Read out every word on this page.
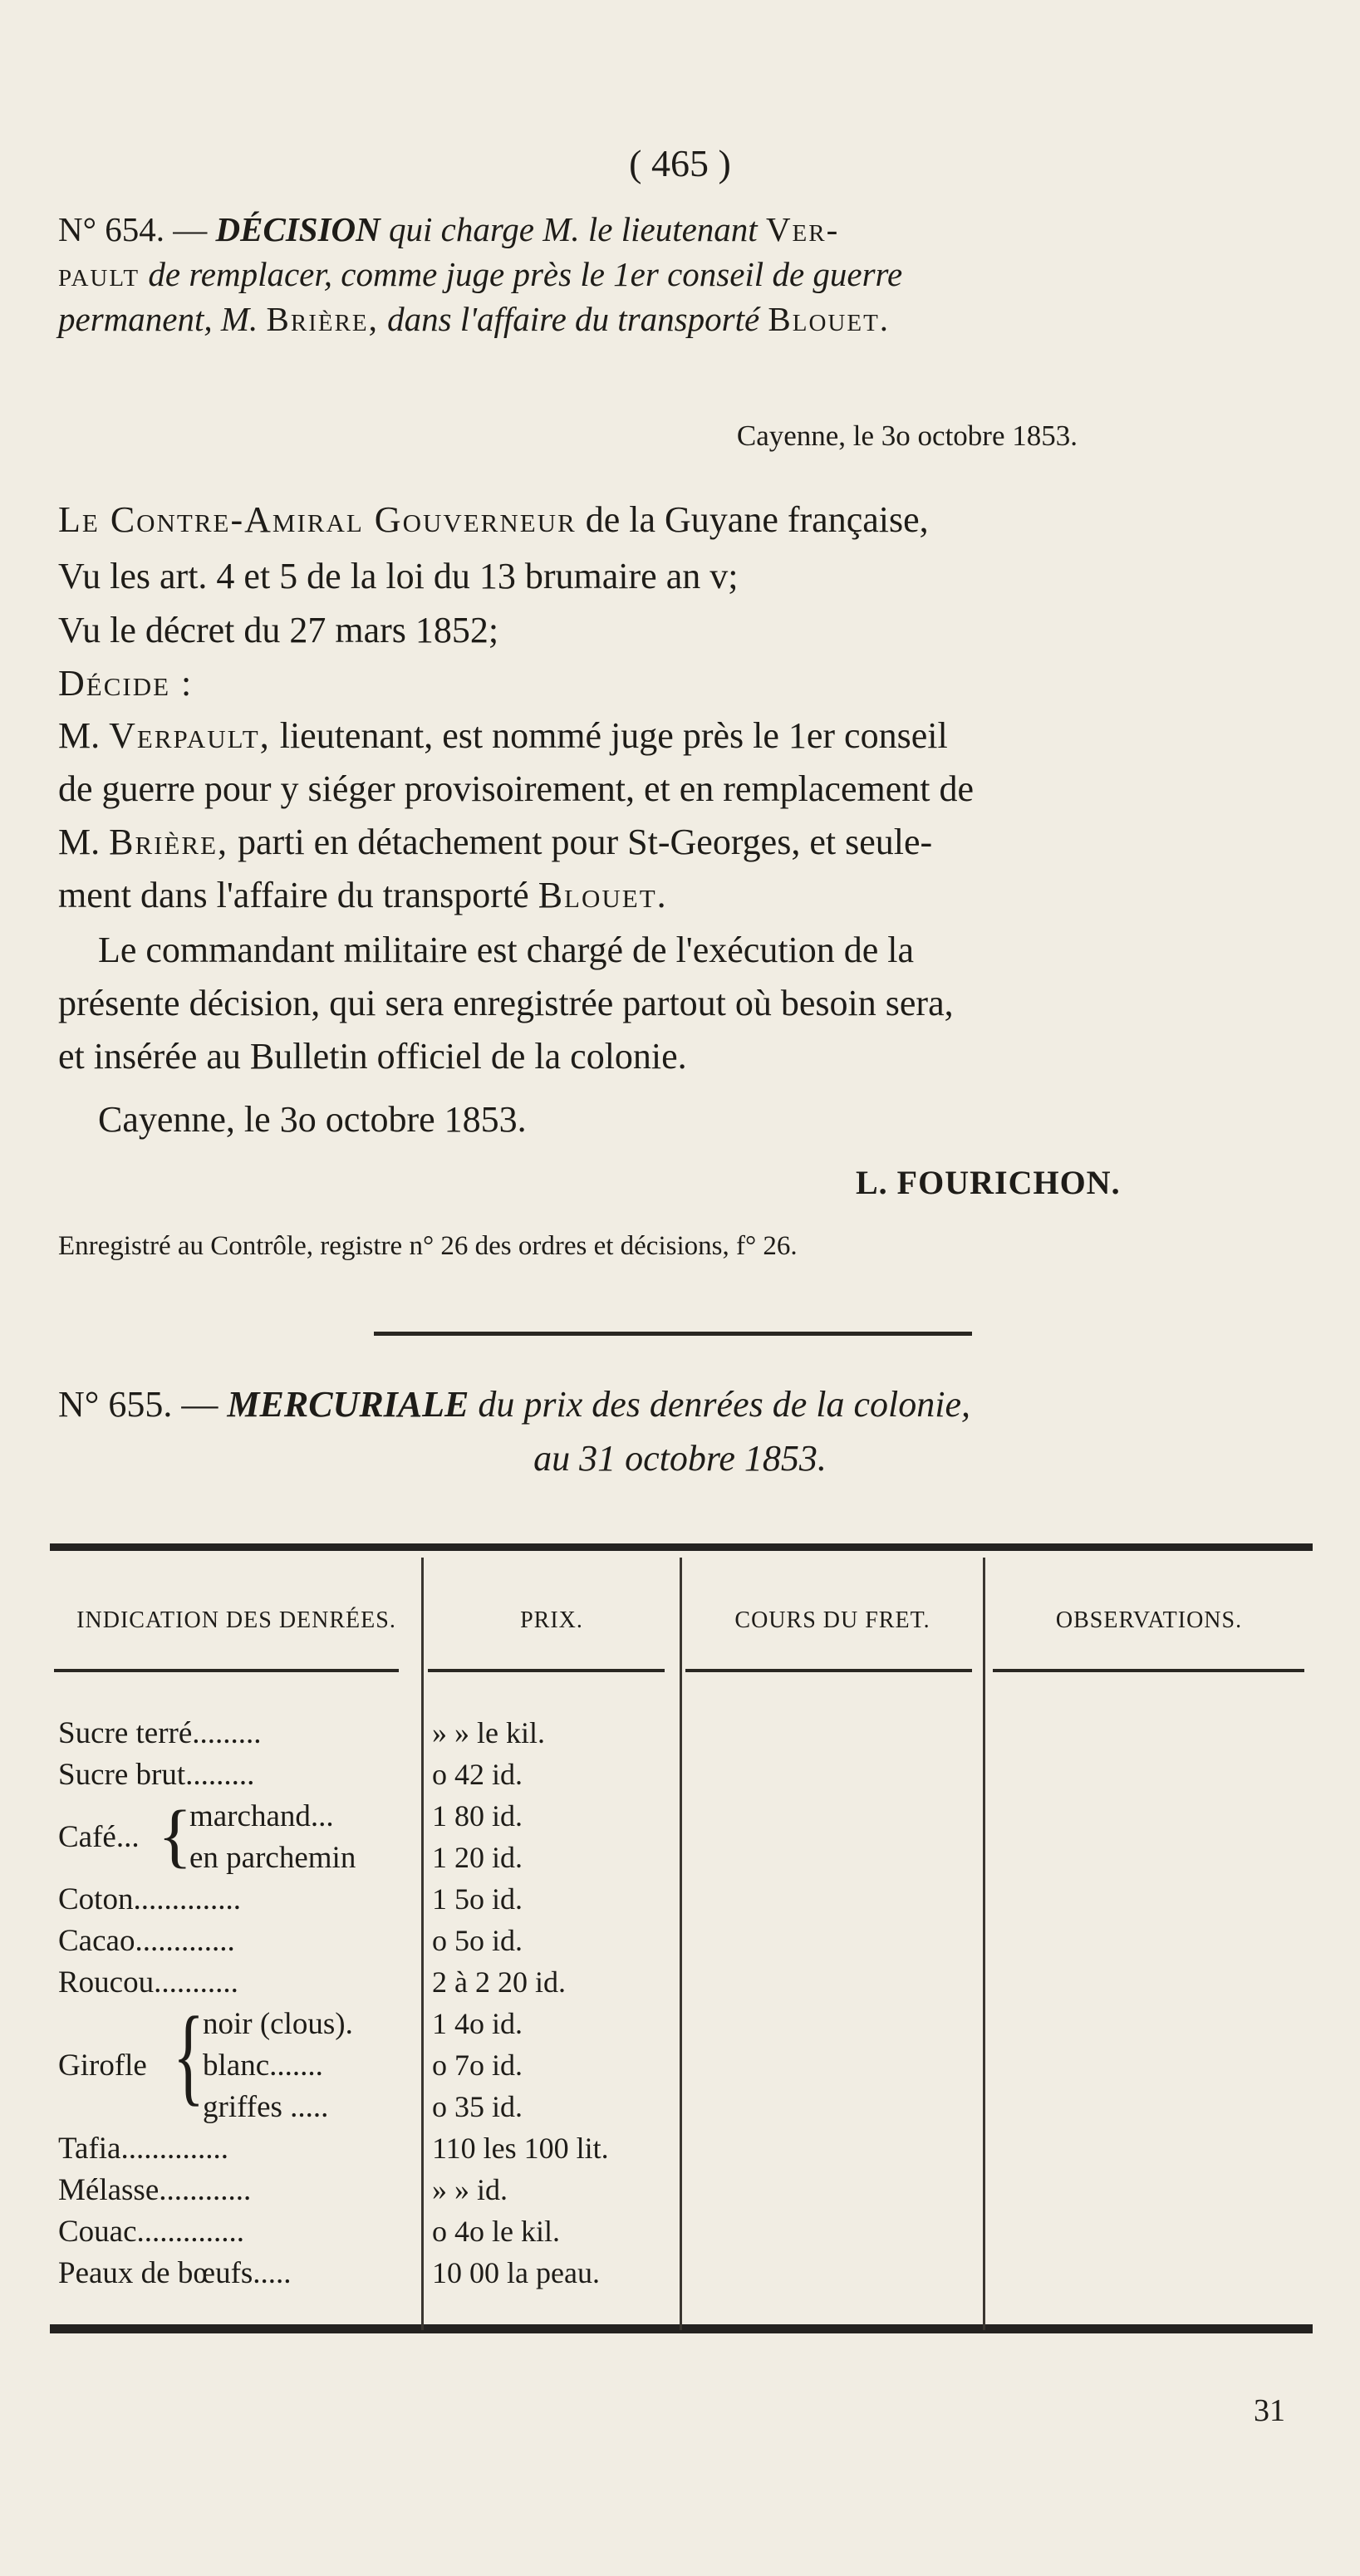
( 465 )
N° 654. — DÉCISION qui charge M. le lieutenant Ver-
pault de remplacer, comme juge près le 1er conseil de guerre
permanent, M. Brière, dans l'affaire du transporté Blouet.
Cayenne, le 3o octobre 1853.
Le Contre-Amiral Gouverneur de la Guyane française,
Vu les art. 4 et 5 de la loi du 13 brumaire an v;
Vu le décret du 27 mars 1852;
Décide :
M. Verpault, lieutenant, est nommé juge près le 1er conseil
de guerre pour y siéger provisoirement, et en remplacement de
M. Brière, parti en détachement pour St-Georges, et seule-
ment dans l'affaire du transporté Blouet.
Le commandant militaire est chargé de l'exécution de la
présente décision, qui sera enregistrée partout où besoin sera,
et insérée au Bulletin officiel de la colonie.
Cayenne, le 3o octobre 1853.
L. FOURICHON.
Enregistré au Contrôle, registre n° 26 des ordres et décisions, f° 26.
N° 655. — MERCURIALE du prix des denrées de la colonie,
au 31 octobre 1853.
INDICATION DES DENRÉES.	PRIX.	COURS DU FRET.	OBSERVATIONS.
Sucre terré.........	» » le kil.
Sucre brut.........	o 42 id.
Café... {
marchand...	1 80 id.
en parchemin	1 20 id.
Coton..............	1 5o id.
Cacao.............	o 5o id.
Roucou...........	2 à 2 20 id.
Girofle {
noir (clous).	1 4o id.
blanc.......	o 7o id.
griffes .....	o 35 id.
Tafia..............	110 les 100 lit.
Mélasse............	» » id.
Couac..............	o 4o le kil.
Peaux de bœufs.....	10 00 la peau.
31
